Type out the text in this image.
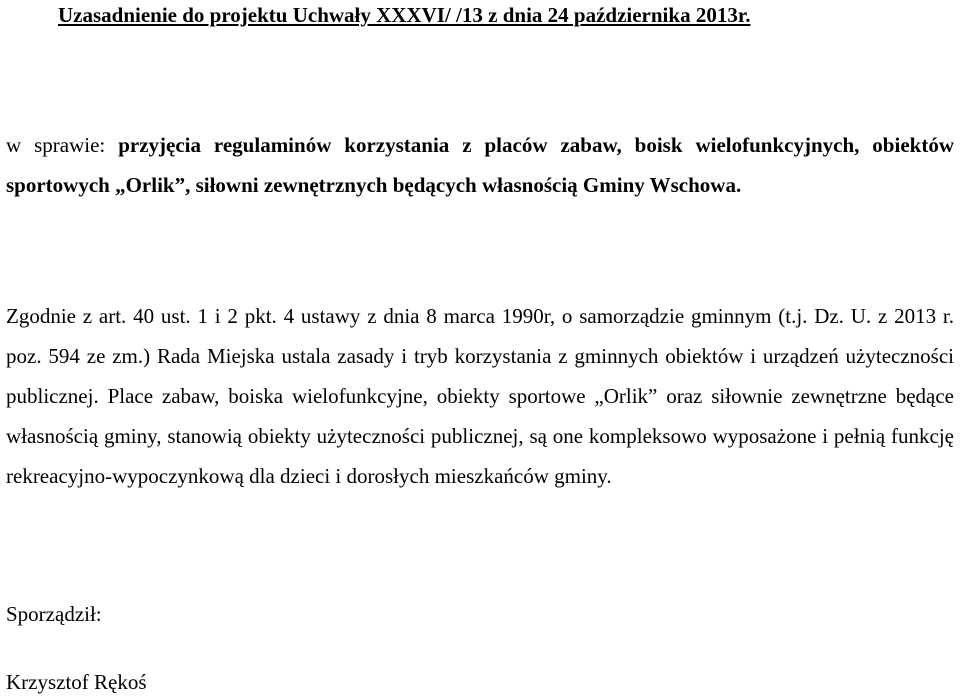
Uzasadnienie do projektu Uchwały XXXVI/ /13 z dnia 24 października 2013r.
w sprawie: przyjęcia regulaminów korzystania z placów zabaw, boisk wielofunkcyjnych, obiektów sportowych „Orlik”, siłowni zewnętrznych będących własnością Gminy Wschowa.
Zgodnie z art. 40 ust. 1 i 2 pkt. 4 ustawy z dnia 8 marca 1990r, o samorządzie gminnym (t.j. Dz. U. z 2013 r. poz. 594 ze zm.) Rada Miejska ustala zasady i tryb korzystania z gminnych obiektów i urządzeń użyteczności publicznej. Place zabaw, boiska wielofunkcyjne, obiekty sportowe „Orlik” oraz siłownie zewnętrzne będące własnością gminy, stanowią obiekty użyteczności publicznej, są one kompleksowo wyposażone i pełnią funkcję rekreacyjno-wypoczynkową dla dzieci i dorosłych mieszkańców gminy.
Sporządził:
Krzysztof Rękoś
